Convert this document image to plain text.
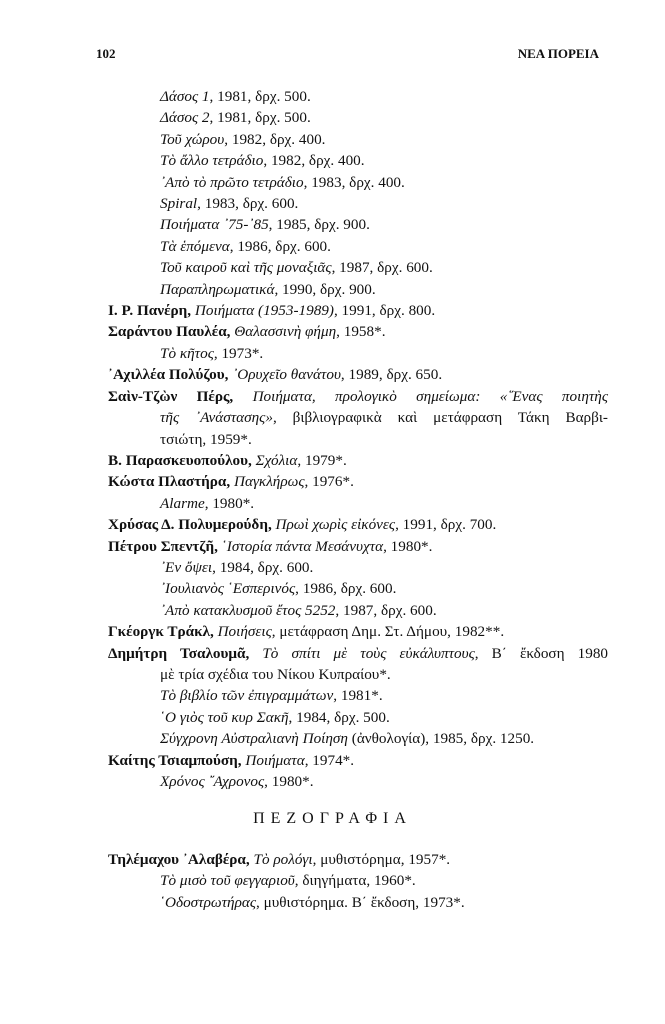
102	ΝΕΑ ΠΟΡΕΙΑ
Δάσος 1, 1981, δρχ. 500.
Δάσος 2, 1981, δρχ. 500.
Τοῦ χώρου, 1982, δρχ. 400.
Τὸ ἄλλο τετράδιο, 1982, δρχ. 400.
᾽Απὸ τὸ πρῶτο τετράδιο, 1983, δρχ. 400.
Spiral, 1983, δρχ. 600.
Ποιήματα ᾽75-᾽85, 1985, δρχ. 900.
Τὰ ἑπόμενα, 1986, δρχ. 600.
Τοῦ καιροῦ καὶ τῆς μοναξιᾶς, 1987, δρχ. 600.
Παραπληρωματικά, 1990, δρχ. 900.
Ι. Ρ. Πανέρη, Ποιήματα (1953-1989), 1991, δρχ. 800.
Σαράντου Παυλέα, Θαλασσινὴ φήμη, 1958*.
Τὸ κῆτος, 1973*.
᾽Αχιλλέα Πολύζου, ᾽Ορυχεῖο θανάτου, 1989, δρχ. 650.
Σαὶν-Τζὼν Πέρς, Ποιήματα, προλογικὸ σημείωμα: «῞Ενας ποιητὴς
τῆς ᾽Ανάστασης», βιβλιογραφικὰ καὶ μετάφραση Τάκη Βαρβι-
τσιώτη, 1959*.
Β. Παρασκευοπούλου, Σχόλια, 1979*.
Κώστα Πλαστήρα, Παγκλήρως, 1976*.
Alarme, 1980*.
Χρύσας Δ. Πολυμερούδη, Πρωὶ χωρὶς εἰκόνες, 1991, δρχ. 700.
Πέτρου Σπεντζῆ, ῾Ιστορία πάντα Μεσάνυχτα, 1980*.
᾽Εν ὄψει, 1984, δρχ. 600.
᾽Ιουλιανὸς ῾Εσπερινός, 1986, δρχ. 600.
᾽Απὸ κατακλυσμοῦ ἔτος 5252, 1987, δρχ. 600.
Γκέοργκ Τράκλ, Ποιήσεις, μετάφραση Δημ. Στ. Δήμου, 1982**.
Δημήτρη Τσαλουμᾶ, Τὸ σπίτι μὲ τοὺς εὐκάλυπτους, Β΄ ἔκδοση 1980
μὲ τρία σχέδια του Νίκου Κυπραίου*.
Τὸ βιβλίο τῶν ἐπιγραμμάτων, 1981*.
῾Ο γιὸς τοῦ κυρ Σακῆ, 1984, δρχ. 500.
Σύγχρονη Αὐστραλιανὴ Ποίηση (ἀνθολογία), 1985, δρχ. 1250.
Καίτης Τσιαμπούση, Ποιήματα, 1974*.
Χρόνος ῎Αχρονος, 1980*.
ΠΕΖΟΓΡΑΦΙΑ
Τηλέμαχου ᾽Αλαβέρα, Τὸ ρολόγι, μυθιστόρημα, 1957*.
Τὸ μισὸ τοῦ φεγγαριοῦ, διηγήματα, 1960*.
῾Οδοστρωτήρας, μυθιστόρημα. Β΄ ἔκδοση, 1973*.
